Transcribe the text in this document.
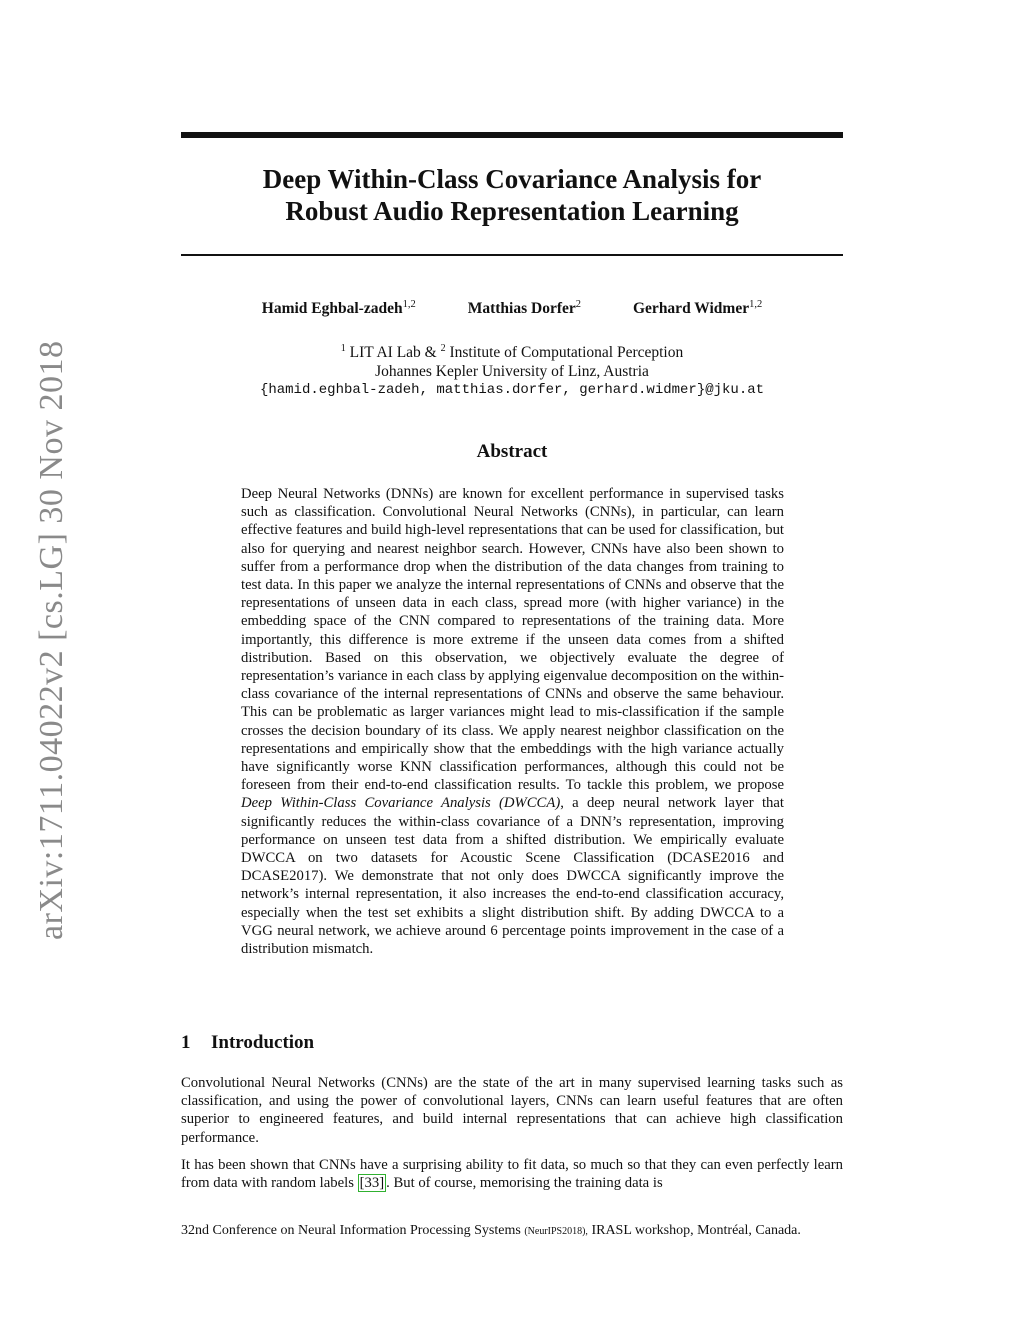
arXiv:1711.04022v2 [cs.LG] 30 Nov 2018
Deep Within-Class Covariance Analysis for
Robust Audio Representation Learning
Hamid Eghbal-zadeh$^{1,2}$	Matthias Dorfer$^2$	Gerhard Widmer$^{1,2}$
$^1$ LIT AI Lab & $^2$ Institute of Computational Perception
Johannes Kepler University of Linz, Austria
{hamid.eghbal-zadeh, matthias.dorfer, gerhard.widmer}@jku.at
Abstract
Deep Neural Networks (DNNs) are known for excellent performance in supervised tasks such as classification. Convolutional Neural Networks (CNNs), in particular, can learn effective features and build high-level representations that can be used for classification, but also for querying and nearest neighbor search. However, CNNs have also been shown to suffer from a performance drop when the distribution of the data changes from training to test data. In this paper we analyze the internal representations of CNNs and observe that the representations of unseen data in each class, spread more (with higher variance) in the embedding space of the CNN compared to representations of the training data. More importantly, this difference is more extreme if the unseen data comes from a shifted distribution. Based on this observation, we objectively evaluate the degree of representation’s variance in each class by applying eigenvalue decomposition on the within-class covariance of the internal representations of CNNs and observe the same behaviour. This can be problematic as larger variances might lead to mis-classification if the sample crosses the decision boundary of its class. We apply nearest neighbor classification on the representations and empirically show that the embeddings with the high variance actually have significantly worse KNN classification performances, although this could not be foreseen from their end-to-end classification results. To tackle this problem, we propose Deep Within-Class Covariance Analysis (DWCCA), a deep neural network layer that significantly reduces the within-class covariance of a DNN’s representation, improving performance on unseen test data from a shifted distribution. We empirically evaluate DWCCA on two datasets for Acoustic Scene Classification (DCASE2016 and DCASE2017). We demonstrate that not only does DWCCA significantly improve the network’s internal representation, it also increases the end-to-end classification accuracy, especially when the test set exhibits a slight distribution shift. By adding DWCCA to a VGG neural network, we achieve around 6 percentage points improvement in the case of a distribution mismatch.
1 Introduction

Convolutional Neural Networks (CNNs) are the state of the art in many supervised learning tasks such as classification, and using the power of convolutional layers, CNNs can learn useful features that are often superior to engineered features, and build internal representations that can achieve high classification performance.

It has been shown that CNNs have a surprising ability to fit data, so much so that they can even perfectly learn from data with random labels [33] . But of course, memorising the training data is

32nd Conference on Neural Information Processing Systems (NeurIPS2018), IRASL workshop, Montréal, Canada.
